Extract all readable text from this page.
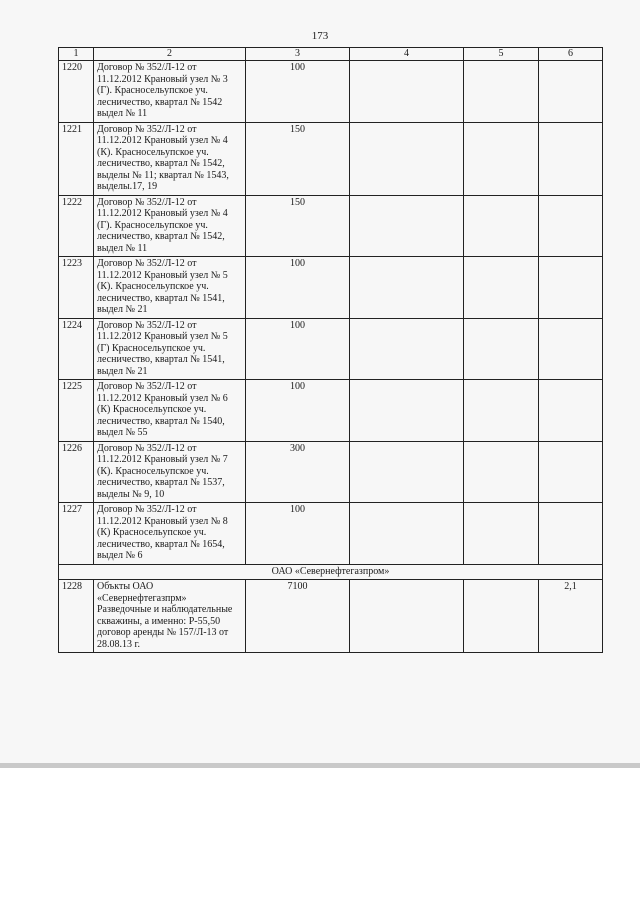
173
1	2	3	4	5	6
1220	Договор № 352/Л-12 от 11.12.2012 Крановый узел № 3 (Г). Красносельупское уч. лесничество, квартал № 1542 выдел № 11	100			
1221	Договор № 352/Л-12 от 11.12.2012 Крановый узел № 4 (К). Красносельупское уч. лесничество, квартал № 1542, выделы № 11; квартал № 1543, выделы.17, 19	150			
1222	Договор № 352/Л-12 от 11.12.2012 Крановый узел № 4 (Г). Красносельупское уч. лесничество, квартал № 1542, выдел № 11	150			
1223	Договор № 352/Л-12 от 11.12.2012 Крановый узел № 5 (К). Красносельупское уч. лесничество, квартал № 1541, выдел № 21	100			
1224	Договор № 352/Л-12 от 11.12.2012 Крановый узел № 5 (Г) Красносельупское уч. лесничество, квартал № 1541, выдел № 21	100			
1225	Договор № 352/Л-12 от 11.12.2012 Крановый узел № 6 (К) Красносельупское уч. лесничество, квартал № 1540, выдел № 55	100			
1226	Договор № 352/Л-12 от 11.12.2012 Крановый узел № 7 (К). Красносельупское уч. лесничество, квартал № 1537, выделы № 9, 10	300			
1227	Договор № 352/Л-12 от 11.12.2012 Крановый узел № 8 (К) Красносельупское уч. лесничество, квартал № 1654, выдел № 6	100			
ОАО «Севернефтегазпром»					
1228	Объкты ОАО «Севернефтегазпрм» Разведочные и наблюдательные скважины, а именно: Р-55,50 договор аренды № 157/Л-13 от 28.08.13 г.	7100			2,1
